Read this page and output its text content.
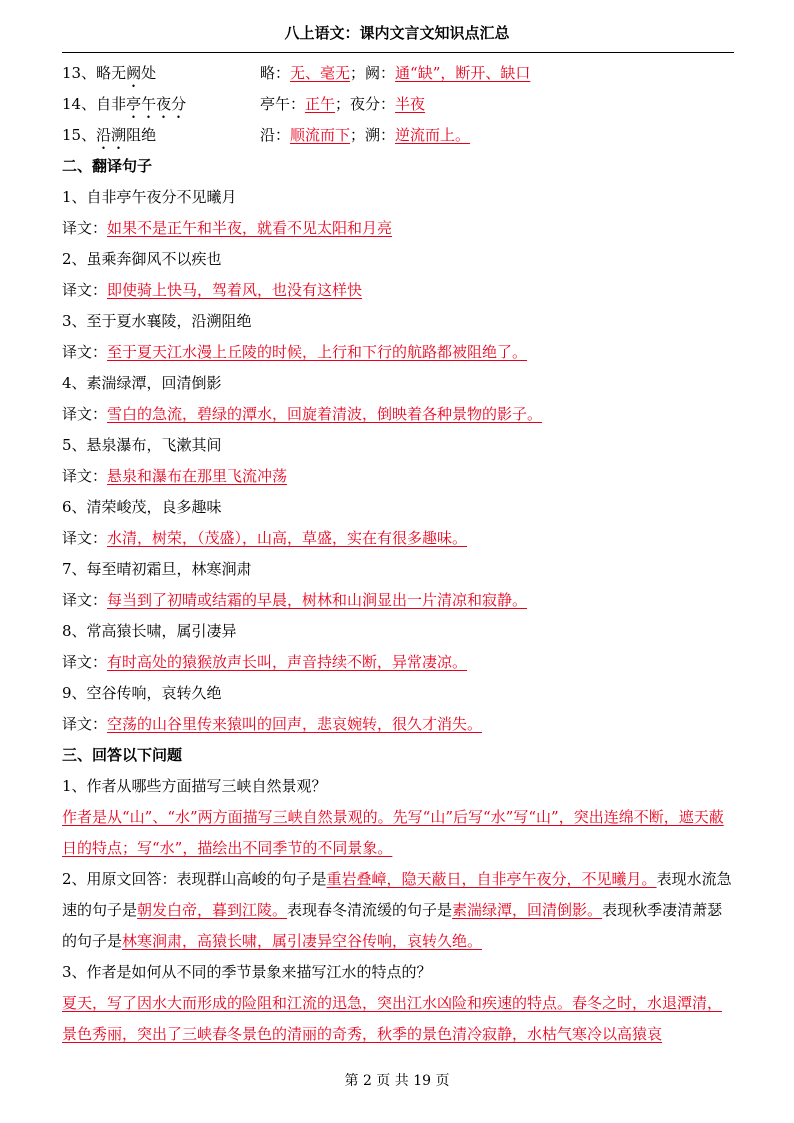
八上语文：课内文言文知识点汇总
13、略无阙处	略：无、毫无；阙：通“缺”，断开、缺口
14、自非亭午夜分	亭午：正午；夜分：半夜
15、沿溯阻绝	沿：顺流而下；溯：逆流而上。
二、翻译句子
1、自非亭午夜分不见曦月
译文：如果不是正午和半夜，就看不见太阳和月亮
2、虽乘奔御风不以疾也
译文：即使骑上快马，驾着风，也没有这样快
3、至于夏水襄陵，沿溯阻绝
译文：至于夏天江水漫上丘陵的时候，上行和下行的航路都被阻绝了。
4、素湍绿潭，回清倒影
译文：雪白的急流，碧绿的潭水，回旋着清波，倒映着各种景物的影子。
5、悬泉瀑布，飞漱其间
译文：悬泉和瀑布在那里飞流冲荡
6、清荣峻茂，良多趣味
译文：水清，树荣，（茂盛），山高，草盛，实在有很多趣味。
7、每至晴初霜旦，林寒涧肃
译文：每当到了初晴或结霜的早晨，树林和山涧显出一片清凉和寂静。
8、常高猿长啸，属引凄异
译文：有时高处的猿猴放声长叫，声音持续不断，异常凄凉。
9、空谷传响，哀转久绝
译文：空荡的山谷里传来猿叫的回声，悲哀婉转，很久才消失。
三、回答以下问题
1、作者从哪些方面描写三峡自然景观？
作者是从“山”、“水”两方面描写三峡自然景观的。先写“山”后写“水”写“山”，突出连绵不断，遮天蔽日的特点；写“水”，描绘出不同季节的不同景象。
2、用原文回答：表现群山高峻的句子是重岩叠嶂，隐天蔽日，自非亭午夜分，不见曦月。表现水流急速的句子是朝发白帝，暮到江陵。表现春冬清流缓的句子是素湍绿潭，回清倒影。表现秋季凄清萧瑟的句子是林寒涧肃，高猿长啸，属引凄异空谷传响，哀转久绝。
3、作者是如何从不同的季节景象来描写江水的特点的？
夏天，写了因水大而形成的险阻和江流的迅急，突出江水凶险和疾速的特点。春冬之时，水退潭清，景色秀丽，突出了三峡春冬景色的清丽的奇秀，秋季的景色清冷寂静，水枯气寒冷以高猿哀
第 2 页 共 19 页
